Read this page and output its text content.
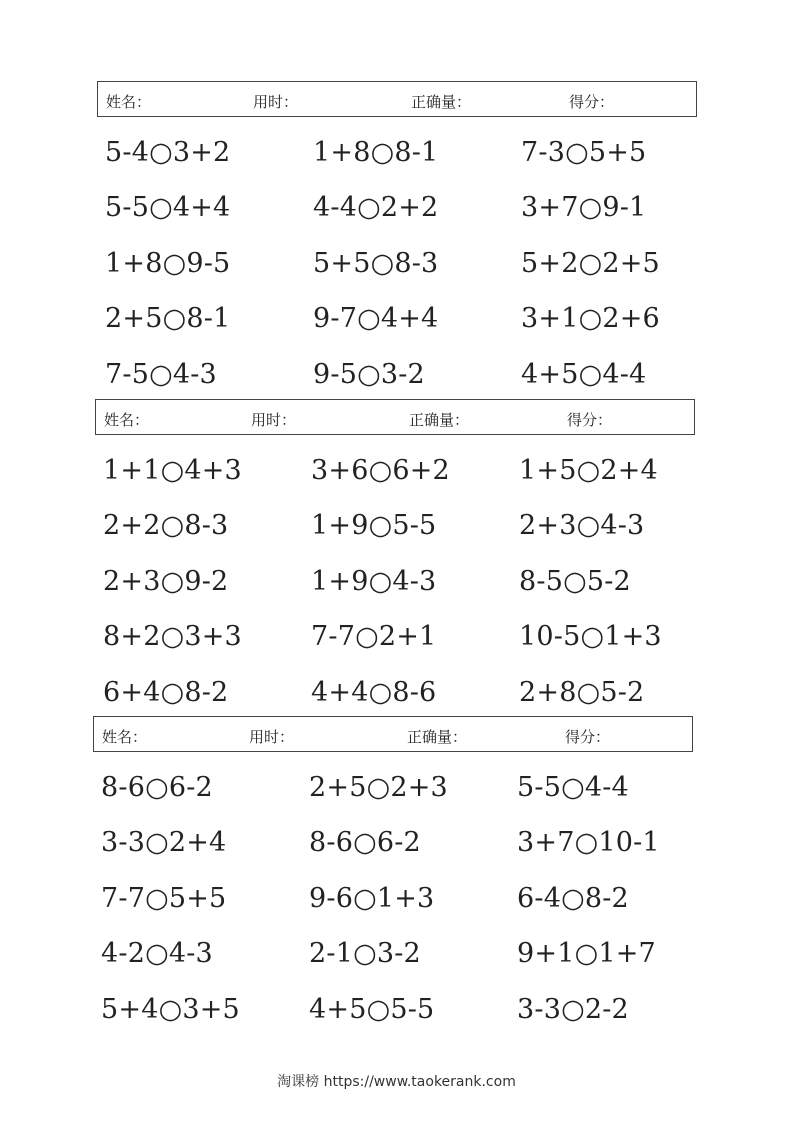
姓名：	用时：	正确量：	得分：
5-4○3+2	1+8○8-1	7-3○5+5
5-5○4+4	4-4○2+2	3+7○9-1
1+8○9-5	5+5○8-3	5+2○2+5
2+5○8-1	9-7○4+4	3+1○2+6
7-5○4-3	9-5○3-2	4+5○4-4
姓名：	用时：	正确量：	得分：
1+1○4+3	3+6○6+2	1+5○2+4
2+2○8-3	1+9○5-5	2+3○4-3
2+3○9-2	1+9○4-3	8-5○5-2
8+2○3+3	7-7○2+1	10-5○1+3
6+4○8-2	4+4○8-6	2+8○5-2
姓名：	用时：	正确量：	得分：
8-6○6-2	2+5○2+3	5-5○4-4
3-3○2+4	8-6○6-2	3+7○10-1
7-7○5+5	9-6○1+3	6-4○8-2
4-2○4-3	2-1○3-2	9+1○1+7
5+4○3+5	4+5○5-5	3-3○2-2
淘课榜 https://www.taokerank.com
